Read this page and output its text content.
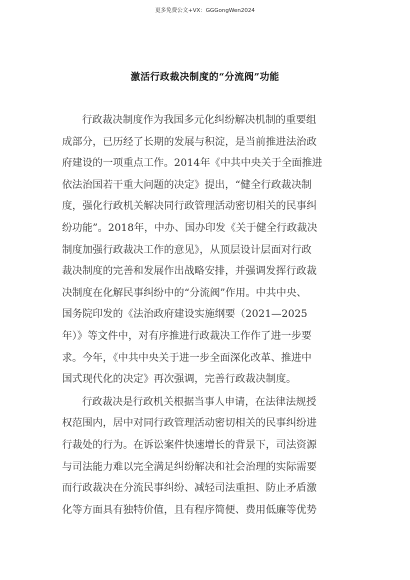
更多免费公文+VX：GGGongWen2024
激活行政裁决制度的“分流阀”功能

行政裁决制度作为我国多元化纠纷解决机制的重要组
成部分，已历经了长期的发展与积淀，是当前推进法治政
府建设的一项重点工作。2014年《中共中央关于全面推进
依法治国若干重大问题的决定》提出，“健全行政裁决制
度，强化行政机关解决同行政管理活动密切相关的民事纠
纷功能”。2018年，中办、国办印发《关于健全行政裁决
制度加强行政裁决工作的意见》，从顶层设计层面对行政
裁决制度的完善和发展作出战略安排，并强调发挥行政裁
决制度在化解民事纠纷中的“分流阀”作用。中共中央、
国务院印发的《法治政府建设实施纲要（2021—2025
年）》等文件中，对有序推进行政裁决工作作了进一步要
求。今年，《中共中央关于进一步全面深化改革、推进中
国式现代化的决定》再次强调，完善行政裁决制度。

行政裁决是行政机关根据当事人申请，在法律法规授
权范围内，居中对同行政管理活动密切相关的民事纠纷进
行裁处的行为。在诉讼案件快速增长的背景下，司法资源
与司法能力难以完全满足纠纷解决和社会治理的实际需要
而行政裁决在分流民事纠纷、减轻司法重担、防止矛盾激
化等方面具有独特价值，且有程序简便、费用低廉等优势
